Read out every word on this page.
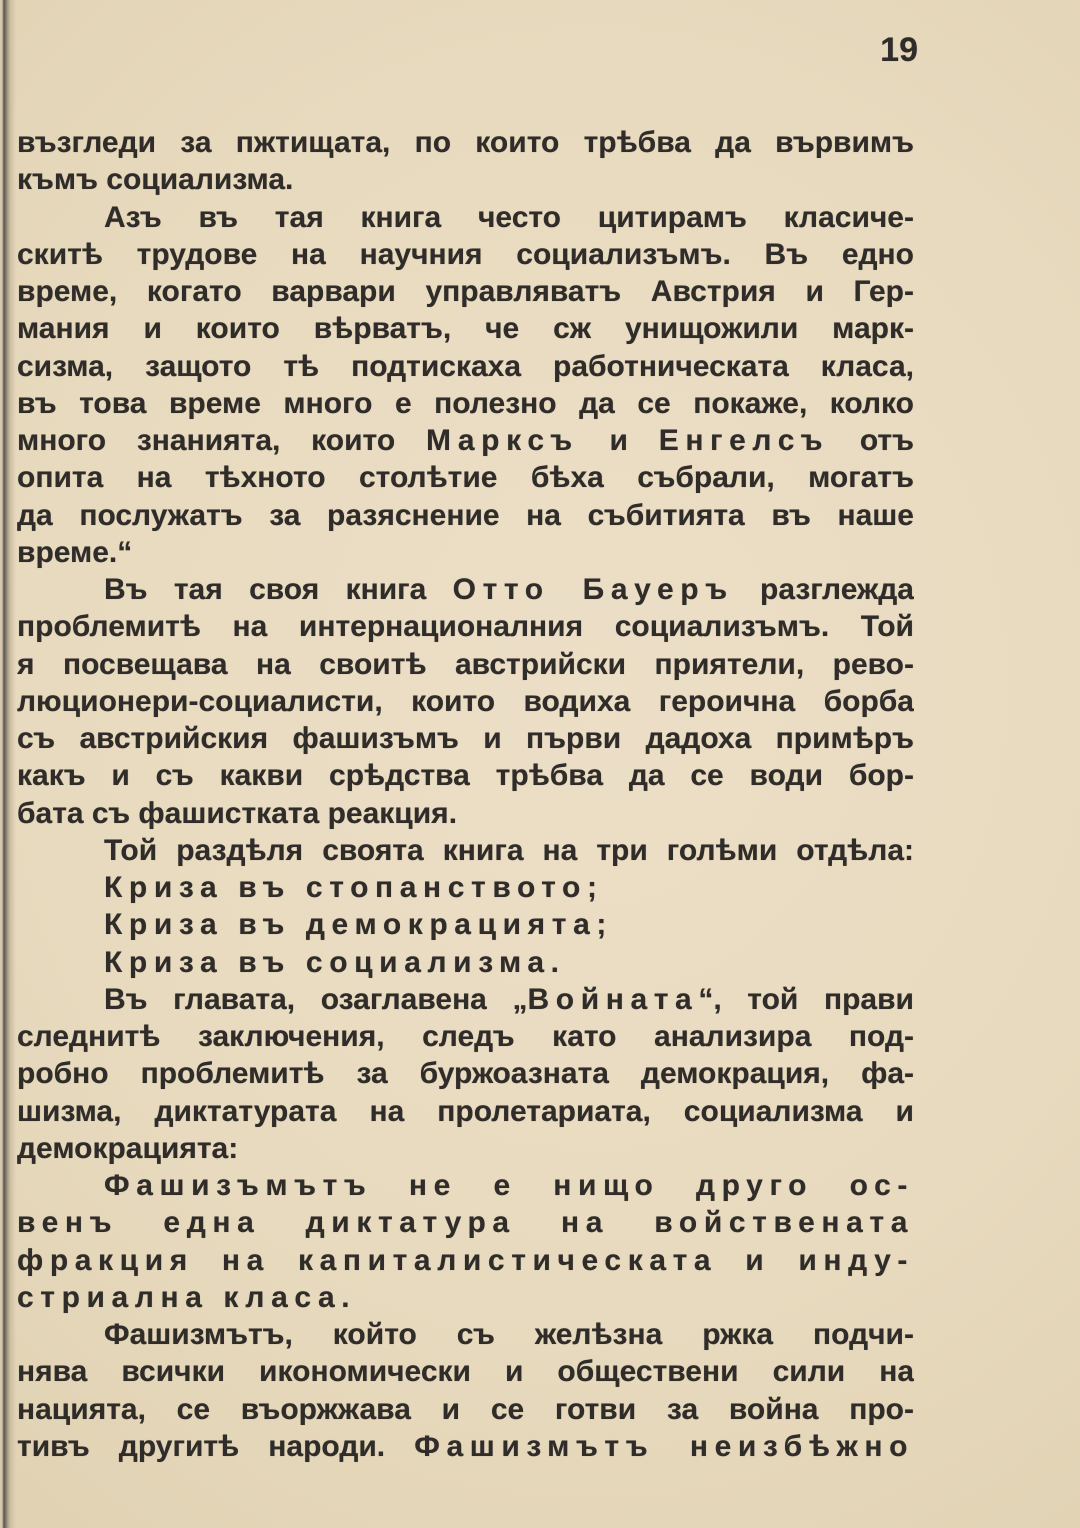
19
възгледи за пжтищата, по които трѣбва да вървимъ
къмъ социализма.
Азъ въ тая книга често цитирамъ класиче-
скитѣ трудове на научния социализъмъ. Въ едно
време, когато варвари управляватъ Австрия и Гер-
мания и които вѣрватъ, че сж унищожили марк-
сизма, защото тѣ подтискаха работническата класа,
въ това време много е полезно да се покаже, колко
много знанията, които Марксъ и Енгелсъ отъ
опита на тѣхното столѣтие бѣха събрали, могатъ
да послужатъ за разяснение на събитията въ наше
време.“
Въ тая своя книга Отто Бауеръ разглежда
проблемитѣ на интернационалния социализъмъ. Той
я посвещава на своитѣ австрийски приятели, рево-
люционери-социалисти, които водиха героична борба
съ австрийския фашизъмъ и първи дадоха примѣръ
какъ и съ какви срѣдства трѣбва да се води бор-
бата съ фашистката реакция.
Той раздѣля своята книга на три голѣми отдѣла:
Криза въ стопанството;
Криза въ демокрацията;
Криза въ социализма.
Въ главата, озаглавена „Войната“, той прави
следнитѣ заключения, следъ като анализира под-
робно проблемитѣ за буржоазната демокрация, фа-
шизма, диктатурата на пролетариата, социализма и
демокрацията:
Фашизъмътъ не е нищо друго ос-
венъ една диктатура на войствената
фракция на капиталистическата и инду-
стриална класа.
Фашизмътъ, който съ желѣзна ржка подчи-
нява всички икономически и обществени сили на
нацията, се въоржжава и се готви за война про-
тивъ другитѣ народи. Фашизмътъ неизбѣжно
